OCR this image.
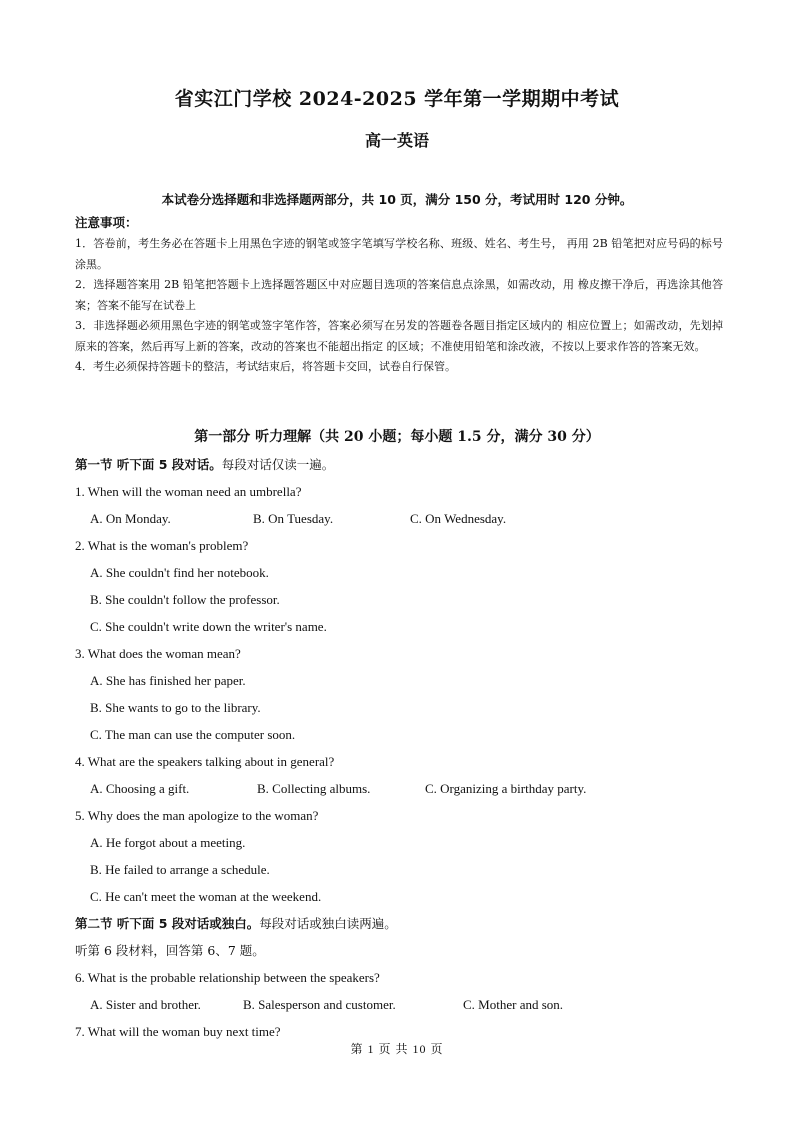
省实江门学校 2024-2025 学年第一学期期中考试
高一英语
本试卷分选择题和非选择题两部分，共 10 页，满分 150 分，考试用时 120 分钟。
注意事项：
1．答卷前，考生务必在答题卡上用黑色字迹的钢笔或签字笔填写学校名称、班级、姓名、考生号， 再用 2B 铅笔把对应号码的标号涂黑。
2．选择题答案用 2B 铅笔把答题卡上选择题答题区中对应题目选项的答案信息点涂黑，如需改动，用 橡皮擦干净后，再选涂其他答案；答案不能写在试卷上
3．非选择题必须用黑色字迹的钢笔或签字笔作答，答案必须写在另发的答题卷各题目指定区域内的 相应位置上；如需改动，先划掉原来的答案，然后再写上新的答案，改动的答案也不能超出指定 的区域；不准使用铅笔和涂改液，不按以上要求作答的答案无效。
4．考生必须保持答题卡的整洁，考试结束后，将答题卡交回，试卷自行保管。
第一部分 听力理解（共 20 小题；每小题 1.5 分，满分 30 分）
第一节 听下面 5 段对话。每段对话仅读一遍。
1. When will the woman need an umbrella?
A. On Monday.	B. On Tuesday.	C. On Wednesday.
2. What is the woman's problem?
A. She couldn't find her notebook.
B. She couldn't follow the professor.
C. She couldn't write down the writer's name.
3. What does the woman mean?
A. She has finished her paper.
B. She wants to go to the library.
C. The man can use the computer soon.
4. What are the speakers talking about in general?
A. Choosing a gift.	B. Collecting albums.	C. Organizing a birthday party.
5. Why does the man apologize to the woman?
A. He forgot about a meeting.
B. He failed to arrange a schedule.
C. He can't meet the woman at the weekend.
第二节 听下面 5 段对话或独白。每段对话或独白读两遍。
听第 6 段材料，回答第 6、7 题。
6. What is the probable relationship between the speakers?
A. Sister and brother.	B. Salesperson and customer.	C. Mother and son.
7. What will the woman buy next time?
第 1 页 共 10 页
